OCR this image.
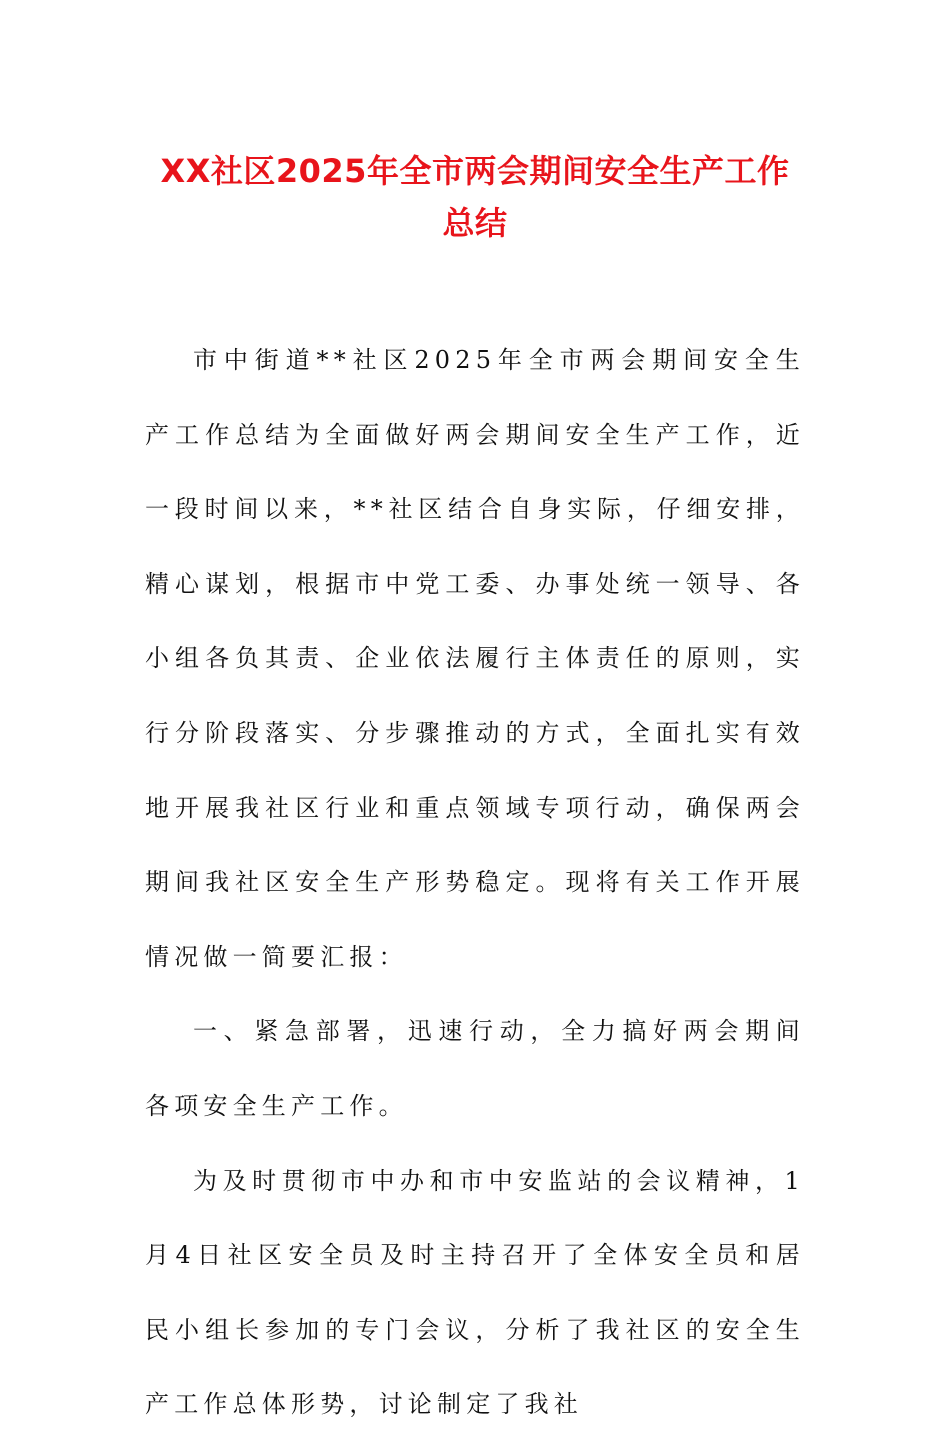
XX社区2025年全市两会期间安全生产工作
总结

市中街道**社区2025年全市两会期间安全生产工作总结为全面做好两会期间安全生产工作，近一段时间以来，**社区结合自身实际，仔细安排，精心谋划，根据市中党工委、办事处统一领导、各小组各负其责、企业依法履行主体责任的原则，实行分阶段落实、分步骤推动的方式，全面扎实有效地开展我社区行业和重点领域专项行动，确保两会期间我社区安全生产形势稳定。现将有关工作开展情况做一简要汇报：

一、紧急部署，迅速行动，全力搞好两会期间各项安全生产工作。

为及时贯彻市中办和市中安监站的会议精神，1月4日社区安全员及时主持召开了全体安全员和居民小组长参加的专门会议，分析了我社区的安全生产工作总体形势，讨论制定了我社
